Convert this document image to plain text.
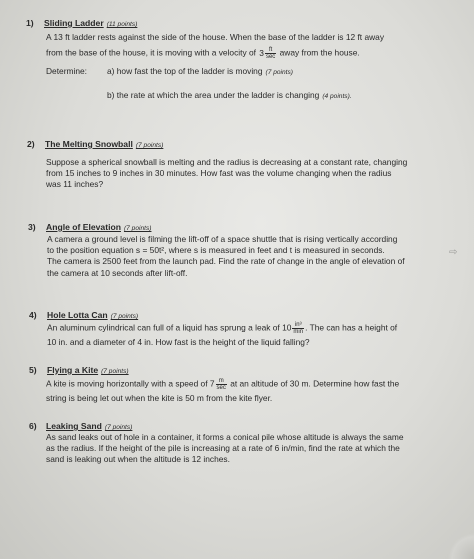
1) Sliding Ladder (11 points)
A 13 ft ladder rests against the side of the house. When the base of the ladder is 12 ft away
from the base of the house, it is moving with a velocity of $3 \frac{ft}{\sec}$ away from the house.
Determine: a) how fast the top of the ladder is moving (7 points)
b) the rate at which the area under the ladder is changing (4 points).
2) The Melting Snowball (7 points)
Suppose a spherical snowball is melting and the radius is decreasing at a constant rate, changing
from 15 inches to 9 inches in 30 minutes. How fast was the volume changing when the radius
was 11 inches?
3) Angle of Elevation (7 points)
A camera a ground level is filming the lift-off of a space shuttle that is rising vertically according
to the position equation s = 50t², where s is measured in feet and t is measured in seconds.
The camera is 2500 feet from the launch pad. Find the rate of change in the angle of elevation of
the camera at 10 seconds after lift-off.
4) Hole Lotta Can (7 points)
An aluminum cylindrical can full of a liquid has sprung a leak of $10 \frac{\text{in³}}{\min}$ . The can has a height of
10 in. and a diameter of 4 in. How fast is the height of the liquid falling?
5) Flying a Kite (7 points)
A kite is moving horizontally with a speed of $7 \frac{m}{\sec}$ at an altitude of 30 m. Determine how fast the
string is being let out when the kite is 50 m from the kite flyer.
6) Leaking Sand (7 points)
As sand leaks out of hole in a container, it forms a conical pile whose altitude is always the same
as the radius. If the height of the pile is increasing at a rate of 6 in/min, find the rate at which the
sand is leaking out when the altitude is 12 inches.
⇨
